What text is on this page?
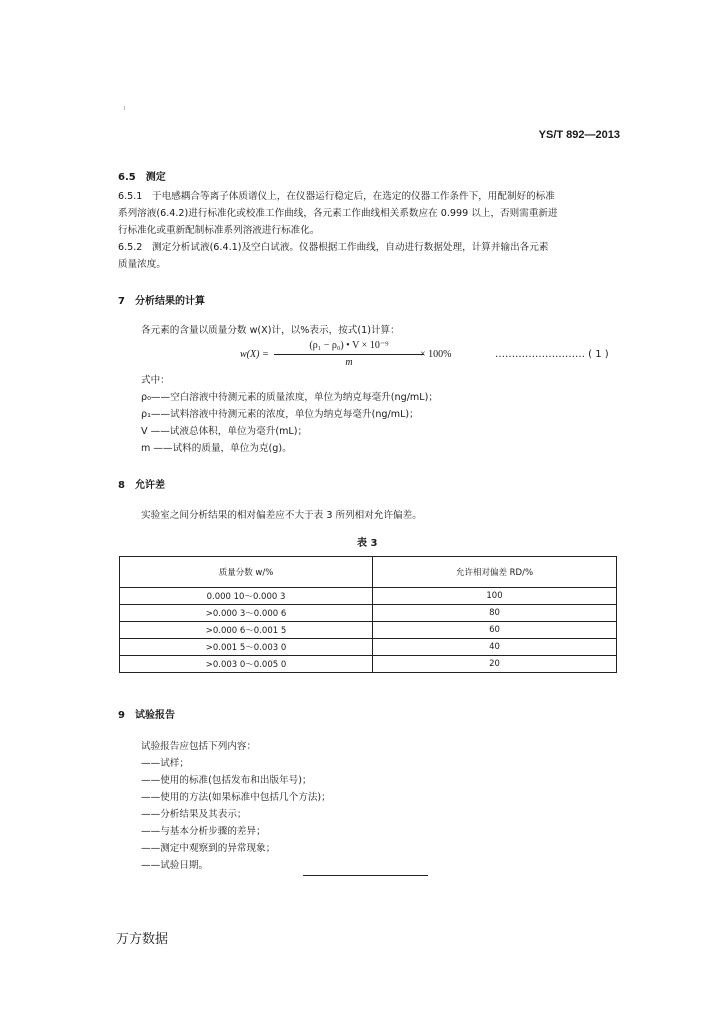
YS/T 892—2013
6.5　测定
6.5.1　于电感耦合等离子体质谱仪上，在仪器运行稳定后，在选定的仪器工作条件下，用配制好的标准
系列溶液(6.4.2)进行标准化或校准工作曲线，各元素工作曲线相关系数应在 0.999 以上，否则需重新进
行标准化或重新配制标准系列溶液进行标准化。
6.5.2　测定分析试液(6.4.1)及空白试液。仪器根据工作曲线，自动进行数据处理，计算并输出各元素
质量浓度。
7　分析结果的计算
各元素的含量以质量分数 w(X)计，以%表示，按式(1)计算：
w(X) =
(ρ₁ − ρ₀) • V × 10⁻⁹
m
× 100%	……………………… ( 1 )
式中：
ρ₀——空白溶液中待测元素的质量浓度，单位为纳克每毫升(ng/mL)；
ρ₁——试料溶液中待测元素的浓度，单位为纳克每毫升(ng/mL)；
V ——试液总体积，单位为毫升(mL)；
m ——试料的质量，单位为克(g)。
8　允许差
实验室之间分析结果的相对偏差应不大于表 3 所列相对允许偏差。
表 3
质量分数 w/%	允许相对偏差 RD/%
0.000 10～0.000 3	100
>0.000 3～0.000 6	80
>0.000 6～0.001 5	60
>0.001 5～0.003 0	40
>0.003 0～0.005 0	20
9　试验报告
试验报告应包括下列内容：
——试样；
——使用的标准(包括发布和出版年号)；
——使用的方法(如果标准中包括几个方法)；
——分析结果及其表示；
——与基本分析步骤的差异；
——测定中观察到的异常现象；
——试验日期。
万方数据
